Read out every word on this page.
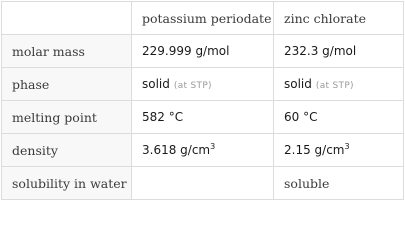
	potassium periodate	zinc chlorate
molar mass	229.999 g/mol	232.3 g/mol
phase	solid (at STP)	solid (at STP)
melting point	582 °C	60 °C
density	3.618 $g/cm^3$	2.15 $g/cm^3$
solubility in water		soluble
